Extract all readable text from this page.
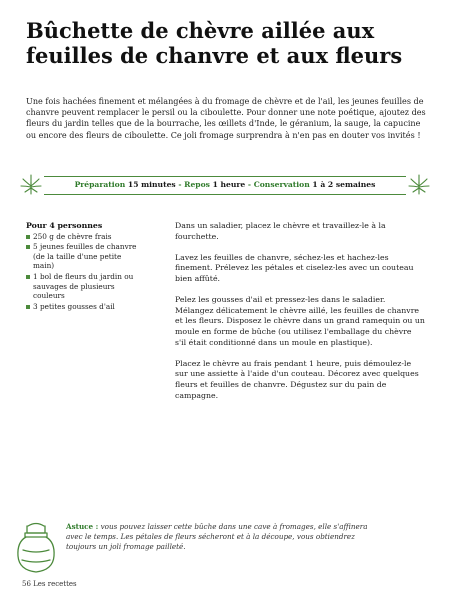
Bûchette de chèvre aillée aux
feuilles de chanvre et aux fleurs

Une fois hachées finement et mélangées à du fromage de chèvre et de l'ail, les jeunes feuilles de chanvre peuvent remplacer le persil ou la ciboulette. Pour donner une note poétique, ajoutez des fleurs du jardin telles que de la bourrache, les œillets d'Inde, le géranium, la sauge, la capucine ou encore des fleurs de ciboulette. Ce joli fromage surprendra à n'en pas en douter vos invités !

Préparation 15 minutes - Repos 1 heure - Conservation 1 à 2 semaines
Pour 4 personnes
250 g de chèvre frais
5 jeunes feuilles de chanvre (de la taille d'une petite main)
1 bol de fleurs du jardin ou sauvages de plusieurs couleurs
3 petites gousses d'ail

Dans un saladier, placez le chèvre et travaillez-le à la fourchette.

Lavez les feuilles de chanvre, séchez-les et hachez-les finement. Prélevez les pétales et ciselez-les avec un couteau bien affûté.

Pelez les gousses d'ail et pressez-les dans le saladier. Mélangez délicatement le chèvre aillé, les feuilles de chanvre et les fleurs. Disposez le chèvre dans un grand ramequin ou un moule en forme de bûche (ou utilisez l'emballage du chèvre s'il était conditionné dans un moule en plastique).

Placez le chèvre au frais pendant 1 heure, puis démoulez-le sur une assiette à l'aide d'un couteau. Décorez avec quelques fleurs et feuilles de chanvre. Dégustez sur du pain de campagne.

Astuce : vous pouvez laisser cette bûche dans une cave à fromages, elle s'affinera avec le temps. Les pétales de fleurs sécheront et à la découpe, vous obtiendrez toujours un joli fromage pailleté.
56 Les recettes
